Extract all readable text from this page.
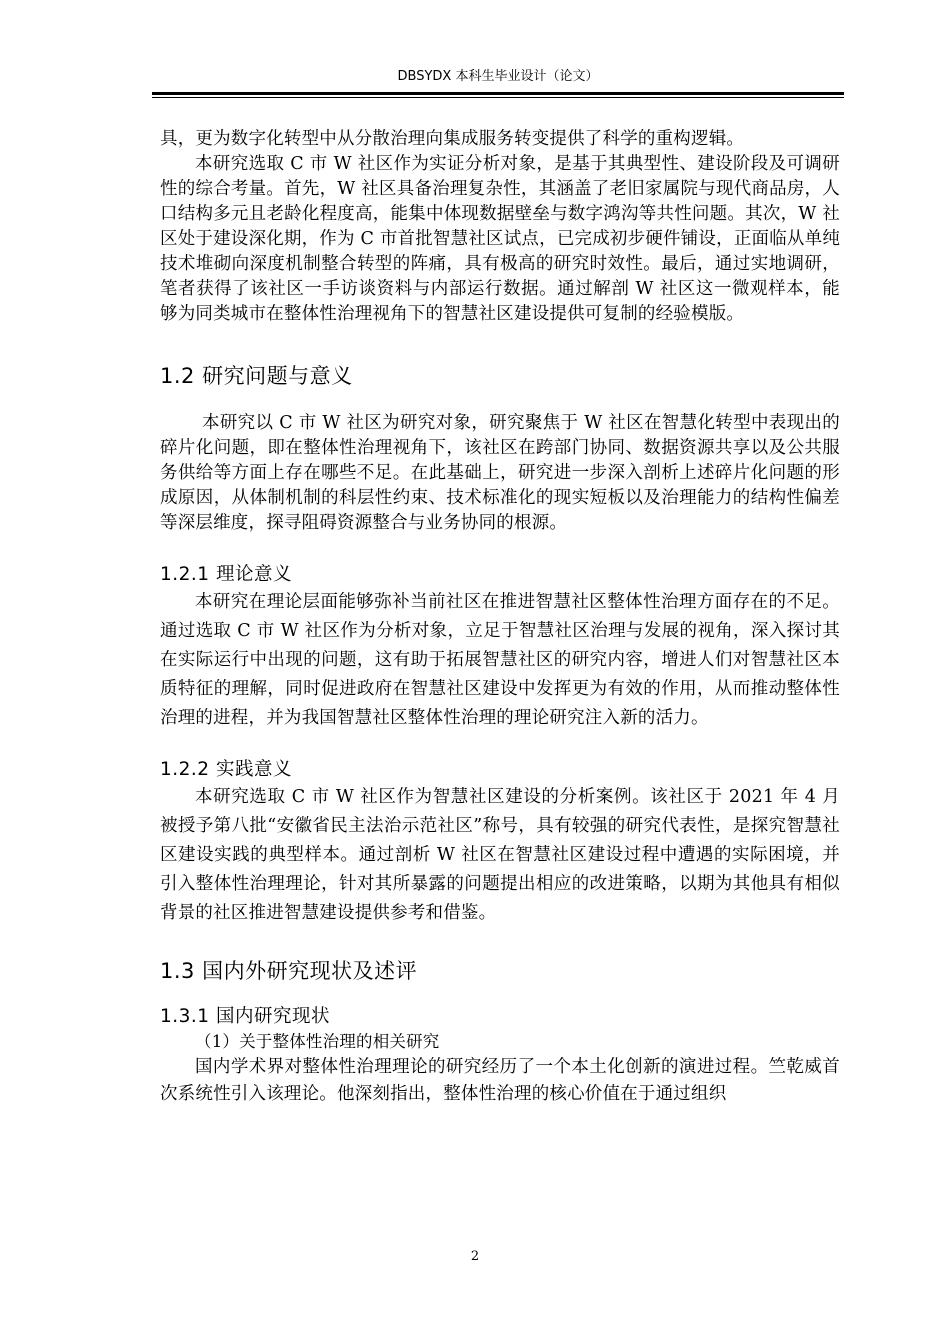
DBSYDX 本科生毕业设计（论文）

具，更为数字化转型中从分散治理向集成服务转变提供了科学的重构逻辑。

本研究选取 C 市 W 社区作为实证分析对象，是基于其典型性、建设阶段及可调研性的综合考量。首先，W 社区具备治理复杂性，其涵盖了老旧家属院与现代商品房，人口结构多元且老龄化程度高，能集中体现数据壁垒与数字鸿沟等共性问题。其次，W 社区处于建设深化期，作为 C 市首批智慧社区试点，已完成初步硬件铺设，正面临从单纯技术堆砌向深度机制整合转型的阵痛，具有极高的研究时效性。最后，通过实地调研，笔者获得了该社区一手访谈资料与内部运行数据。通过解剖 W 社区这一微观样本，能够为同类城市在整体性治理视角下的智慧社区建设提供可复制的经验模版。

1.2 研究问题与意义

本研究以 C 市 W 社区为研究对象，研究聚焦于 W 社区在智慧化转型中表现出的碎片化问题，即在整体性治理视角下，该社区在跨部门协同、数据资源共享以及公共服务供给等方面上存在哪些不足。在此基础上，研究进一步深入剖析上述碎片化问题的形成原因，从体制机制的科层性约束、技术标准化的现实短板以及治理能力的结构性偏差等深层维度，探寻阻碍资源整合与业务协同的根源。

1.2.1 理论意义

本研究在理论层面能够弥补当前社区在推进智慧社区整体性治理方面存在的不足。通过选取 C 市 W 社区作为分析对象，立足于智慧社区治理与发展的视角，深入探讨其在实际运行中出现的问题，这有助于拓展智慧社区的研究内容，增进人们对智慧社区本质特征的理解，同时促进政府在智慧社区建设中发挥更为有效的作用，从而推动整体性治理的进程，并为我国智慧社区整体性治理的理论研究注入新的活力。

1.2.2 实践意义

本研究选取 C 市 W 社区作为智慧社区建设的分析案例。该社区于 2021 年 4 月被授予第八批“安徽省民主法治示范社区”称号，具有较强的研究代表性，是探究智慧社区建设实践的典型样本。通过剖析 W 社区在智慧社区建设过程中遭遇的实际困境，并引入整体性治理理论，针对其所暴露的问题提出相应的改进策略，以期为其他具有相似背景的社区推进智慧建设提供参考和借鉴。

1.3 国内外研究现状及述评
1.3.1 国内研究现状

（1）关于整体性治理的相关研究

国内学术界对整体性治理理论的研究经历了一个本土化创新的演进过程。竺乾威首次系统性引入该理论。他深刻指出，整体性治理的核心价值在于通过组织

2
